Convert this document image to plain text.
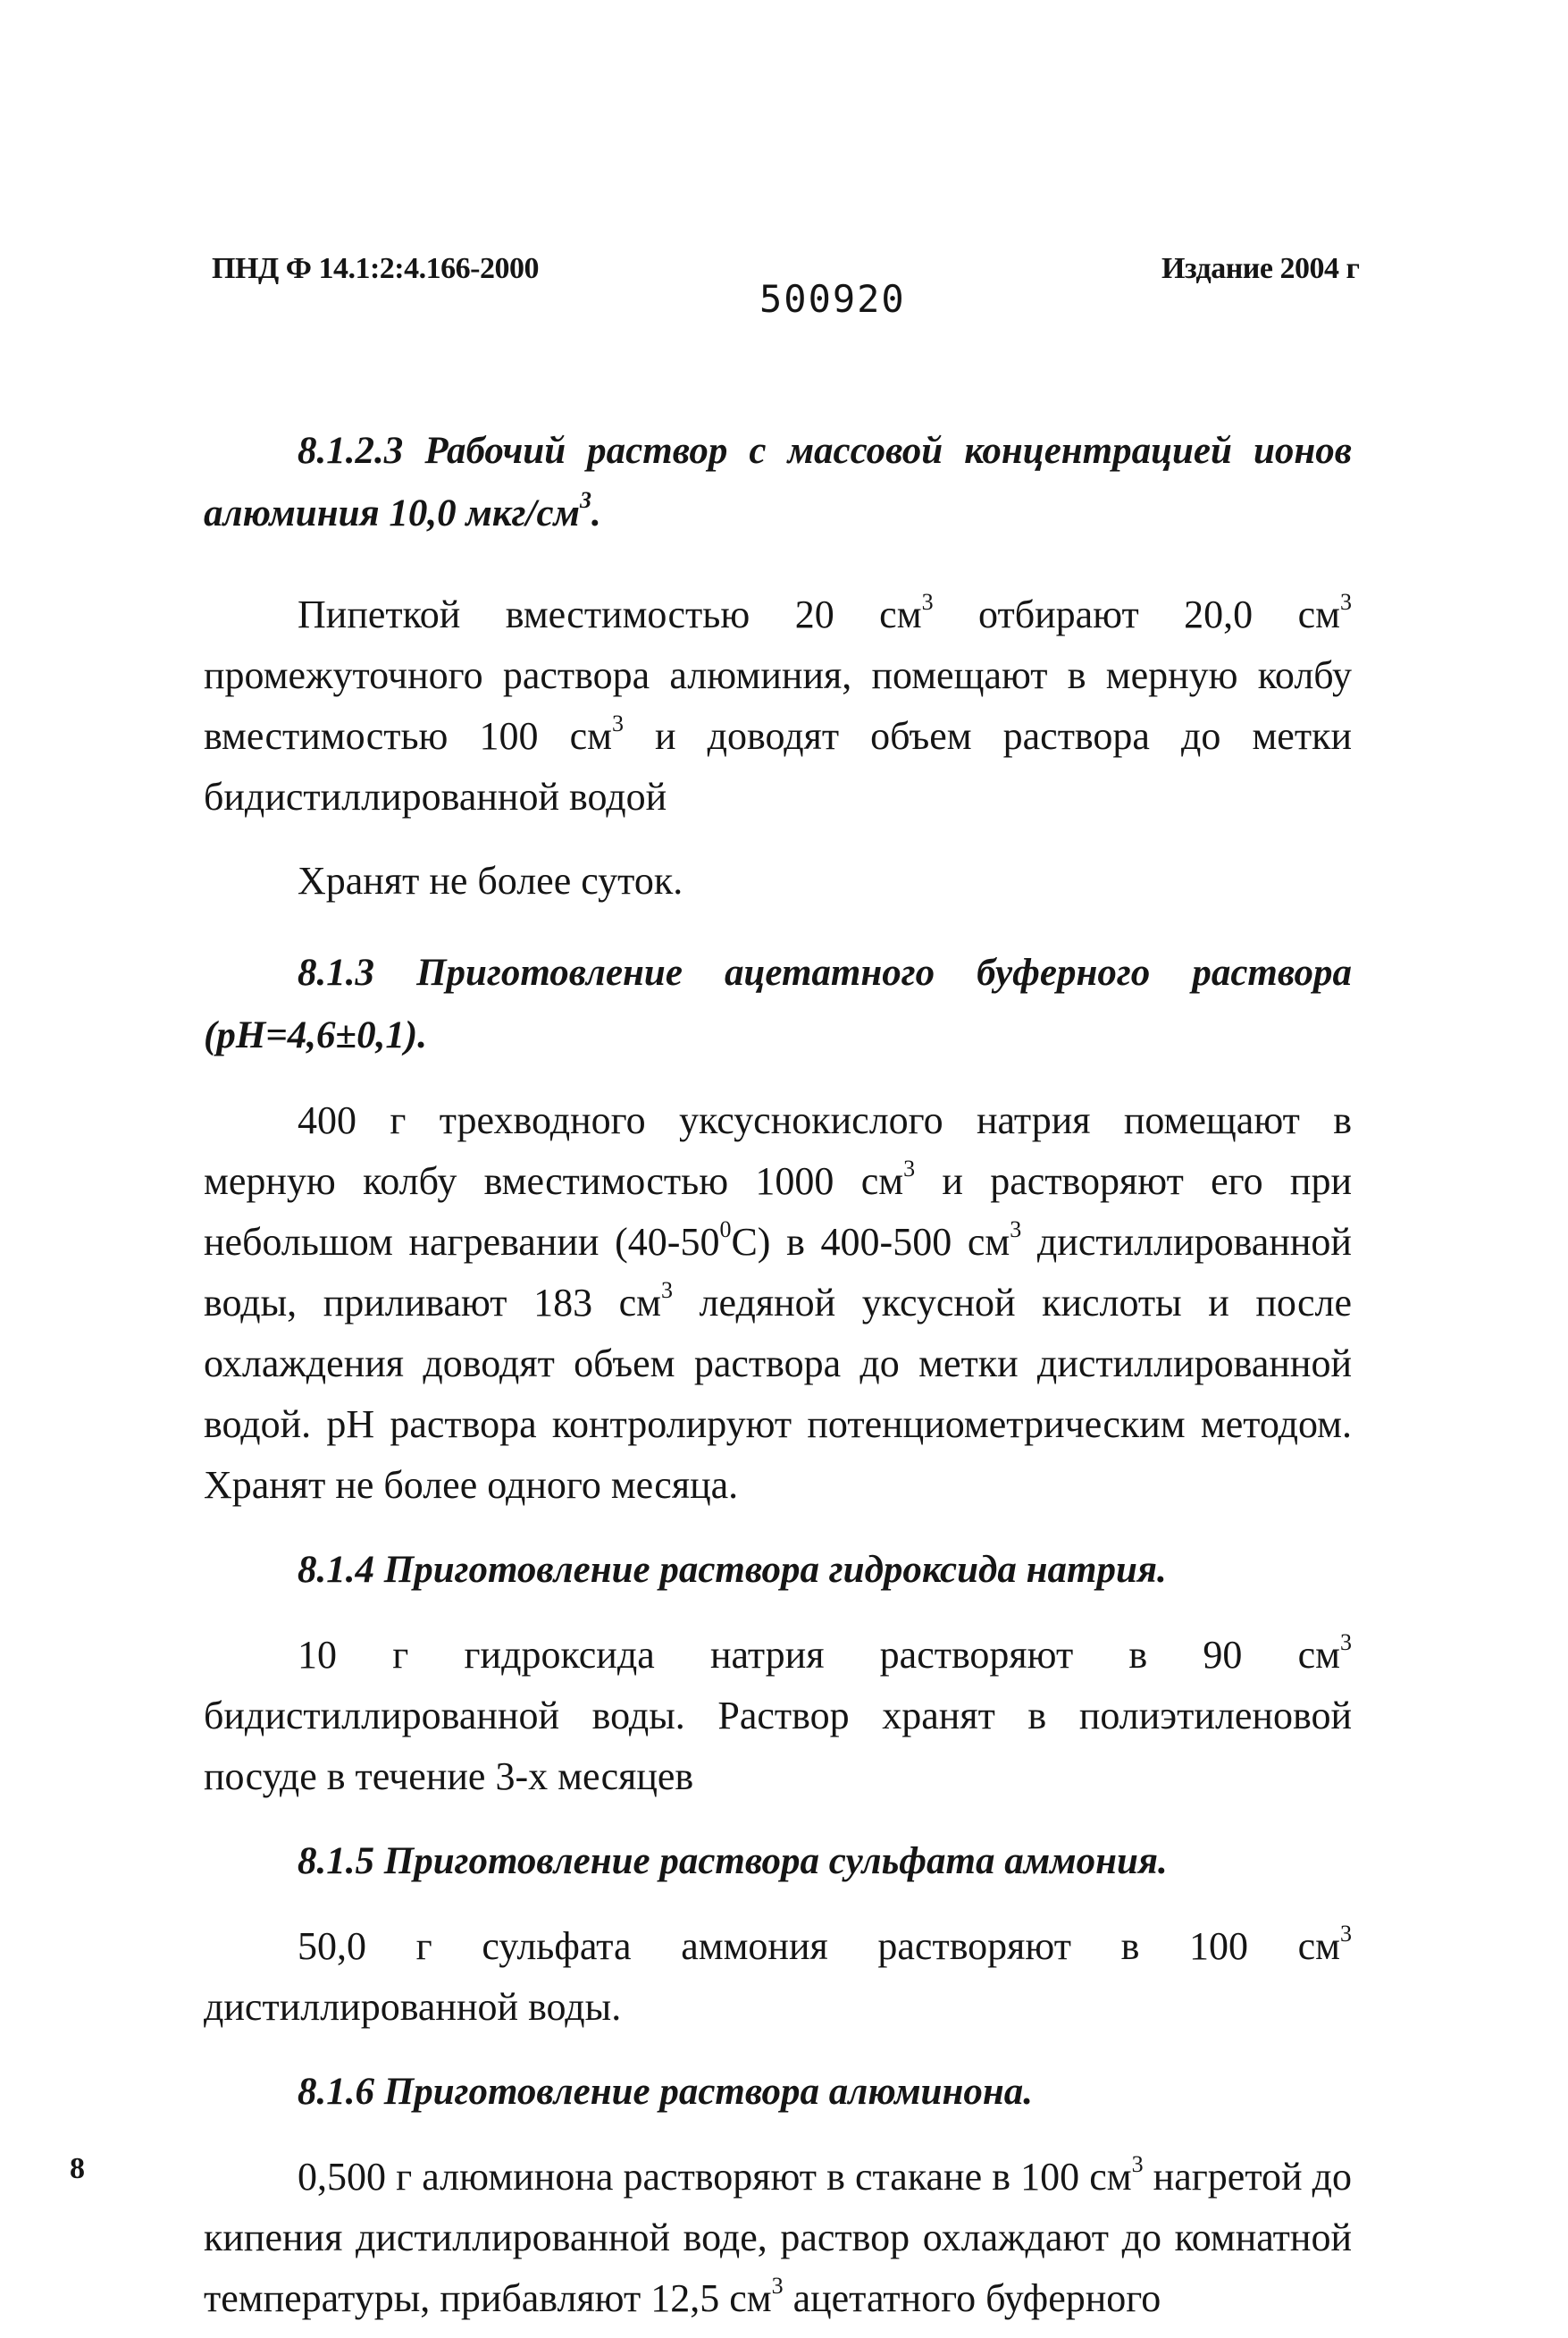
ПНД Ф 14.1:2:4.166-2000
500920
Издание 2004 г

8.1.2.3 Рабочий раствор с массовой концентрацией ионов алюминия 10,0 мкг/$см^3$.

Пипеткой вместимостью 20 $см^3$ отбирают 20,0 $см^3$ промежуточного раствора алюминия, помещают в мерную колбу вместимостью 100 $см^3$ и доводят объем раствора до метки бидистиллированной водой

Хранят не более суток.

8.1.3 Приготовление ацетатного буферного раствора (pH=4,6±0,1).

400 г трехводного уксуснокислого натрия помещают в мерную колбу вместимостью 1000 $см^3$ и растворяют его при небольшом нагревании $(40-50^0C)$ в 400-500 $см^3$ дистиллированной воды, приливают 183 $см^3$ ледяной уксусной кислоты и после охлаждения доводят объем раствора до метки дистиллированной водой. pH раствора контролируют потенциометрическим методом. Хранят не более одного месяца.

8.1.4 Приготовление раствора гидроксида натрия.

10 г гидроксида натрия растворяют в 90 $см^3$ бидистиллированной воды. Раствор хранят в полиэтиленовой посуде в течение 3-х месяцев

8.1.5 Приготовление раствора сульфата аммония.

50,0 г сульфата аммония растворяют в 100 $см^3$ дистиллированной воды.

8.1.6 Приготовление раствора алюминона.

0,500 г алюминона растворяют в стакане в 100 $см^3$ нагретой до кипения дистиллированной воде, раствор охлаждают до комнатной температуры, прибавляют 12,5 $см^3$ ацетатного буферного

8
